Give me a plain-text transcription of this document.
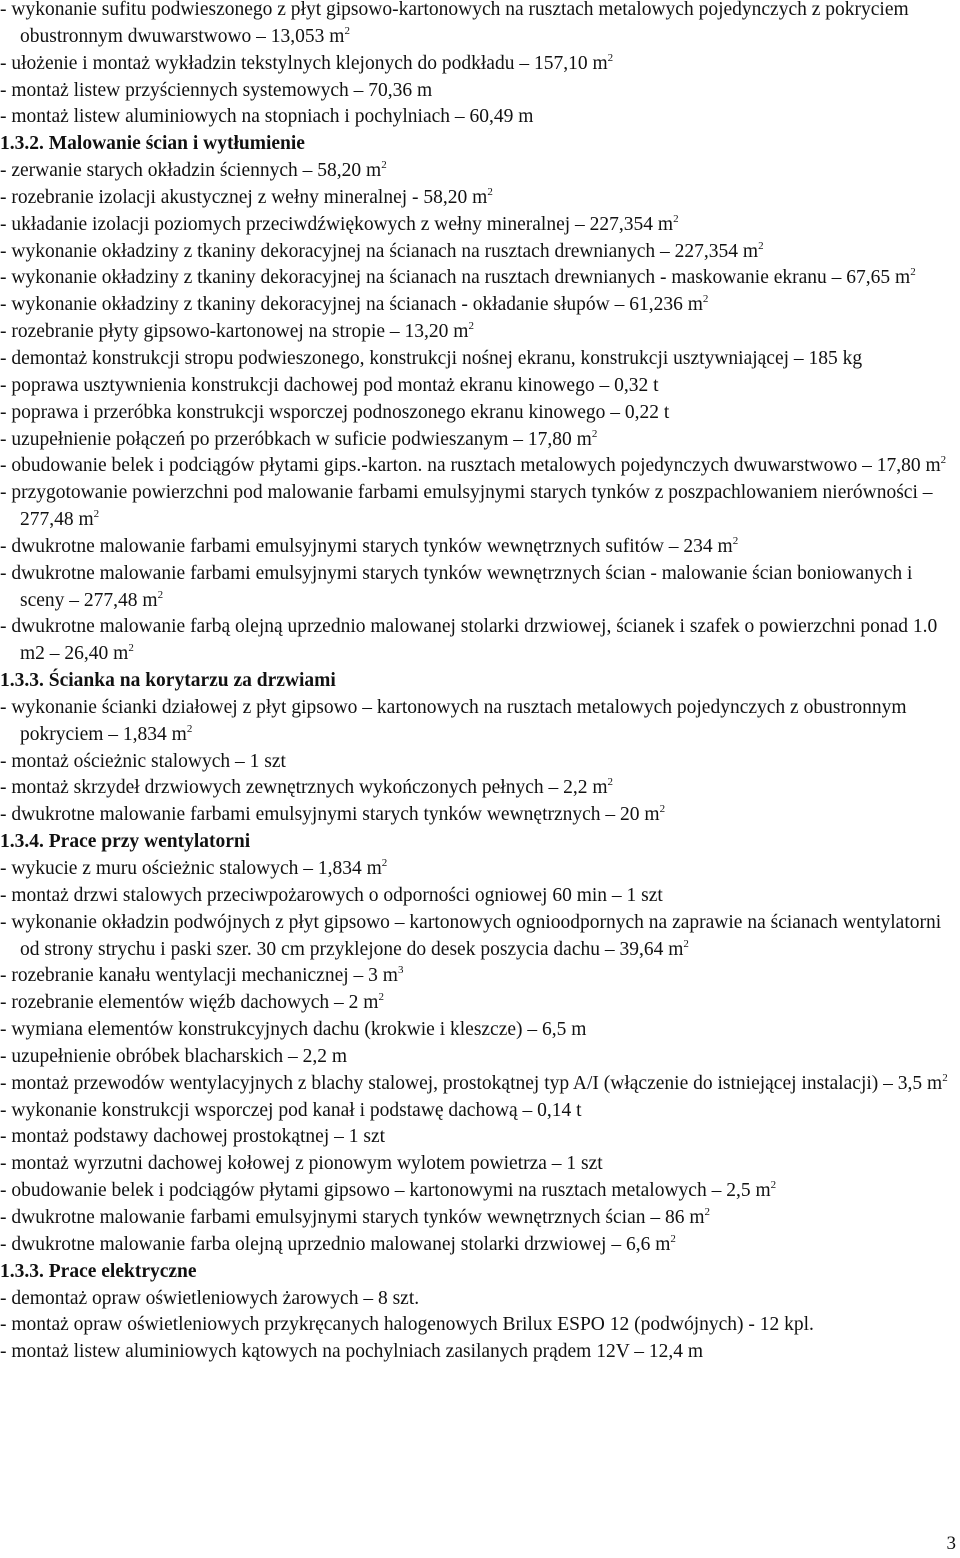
- wykonanie sufitu podwieszonego z płyt gipsowo-kartonowych na rusztach metalowych pojedynczych z pokryciem obustronnym dwuwarstwowo – 13,053 $m^2$

- ułożenie i montaż wykładzin tekstylnych klejonych do podkładu – 157,10 $m^2$

- montaż listew przyściennych systemowych – 70,36 m

- montaż listew aluminiowych na stopniach i pochylniach – 60,49 m

1.3.2. Malowanie ścian i wytłumienie

- zerwanie starych okładzin ściennych – 58,20 $m^2$

- rozebranie izolacji akustycznej z wełny mineralnej - 58,20 $m^2$

- układanie izolacji poziomych przeciwdźwiękowych z wełny mineralnej – 227,354 $m^2$

- wykonanie okładziny z tkaniny dekoracyjnej na ścianach na rusztach drewnianych – 227,354 $m^2$

- wykonanie okładziny z tkaniny dekoracyjnej na ścianach na rusztach drewnianych - maskowanie ekranu – 67,65 $m^2$

- wykonanie okładziny z tkaniny dekoracyjnej na ścianach - okładanie słupów – 61,236 $m^2$

- rozebranie płyty gipsowo-kartonowej na stropie – 13,20 $m^2$

- demontaż konstrukcji stropu podwieszonego, konstrukcji nośnej ekranu, konstrukcji usztywniającej – 185 kg

- poprawa usztywnienia konstrukcji dachowej pod montaż ekranu kinowego – 0,32 t

- poprawa i przeróbka konstrukcji wsporczej podnoszonego ekranu kinowego – 0,22 t

- uzupełnienie połączeń po przeróbkach w suficie podwieszanym – 17,80 $m^2$

- obudowanie belek i podciągów płytami gips.-karton. na rusztach metalowych pojedynczych dwuwarstwowo – 17,80 $m^2$

- przygotowanie powierzchni pod malowanie farbami emulsyjnymi starych tynków z poszpachlowaniem nierówności – 277,48 $m^2$

- dwukrotne malowanie farbami emulsyjnymi starych tynków wewnętrznych sufitów – 234 $m^2$

- dwukrotne malowanie farbami emulsyjnymi starych tynków wewnętrznych ścian - malowanie ścian boniowanych i sceny – 277,48 $m^2$

- dwukrotne malowanie farbą olejną uprzednio malowanej stolarki drzwiowej, ścianek i szafek o powierzchni ponad 1.0 m2 – 26,40 $m^2$

1.3.3. Ścianka na korytarzu za drzwiami

- wykonanie ścianki działowej z płyt gipsowo – kartonowych na rusztach metalowych pojedynczych z obustronnym pokryciem – 1,834 $m^2$

- montaż ościeżnic stalowych – 1 szt

- montaż skrzydeł drzwiowych zewnętrznych wykończonych pełnych – 2,2 $m^2$

- dwukrotne malowanie farbami emulsyjnymi starych tynków wewnętrznych – 20 $m^2$

1.3.4. Prace przy wentylatorni

- wykucie z muru ościeżnic stalowych – 1,834 $m^2$

- montaż drzwi stalowych przeciwpożarowych o odporności ogniowej 60 min – 1 szt

- wykonanie okładzin podwójnych z płyt gipsowo – kartonowych ognioodpornych na zaprawie na ścianach wentylatorni od strony strychu i paski szer. 30 cm przyklejone do desek poszycia dachu – 39,64 $m^2$

- rozebranie kanału wentylacji mechanicznej – 3 $m^3$

- rozebranie elementów więźb dachowych – 2 $m^2$

- wymiana elementów konstrukcyjnych dachu (krokwie i kleszcze) – 6,5 m

- uzupełnienie obróbek blacharskich – 2,2 m

- montaż przewodów wentylacyjnych z blachy stalowej, prostokątnej typ A/I (włączenie do istniejącej instalacji) – 3,5 $m^2$

- wykonanie konstrukcji wsporczej pod kanał i podstawę dachową – 0,14 t

- montaż podstawy dachowej prostokątnej – 1 szt

- montaż wyrzutni dachowej kołowej z pionowym wylotem powietrza – 1 szt

- obudowanie belek i podciągów płytami gipsowo – kartonowymi na rusztach metalowych – 2,5 $m^2$

- dwukrotne malowanie farbami emulsyjnymi starych tynków wewnętrznych ścian – 86 $m^2$

- dwukrotne malowanie farba olejną uprzednio malowanej stolarki drzwiowej – 6,6 $m^2$

1.3.3. Prace elektryczne

- demontaż opraw oświetleniowych żarowych – 8 szt.

- montaż opraw oświetleniowych przykręcanych halogenowych Brilux ESPO 12 (podwójnych) - 12 kpl.

- montaż listew aluminiowych kątowych na pochylniach zasilanych prądem 12V – 12,4 m

3
